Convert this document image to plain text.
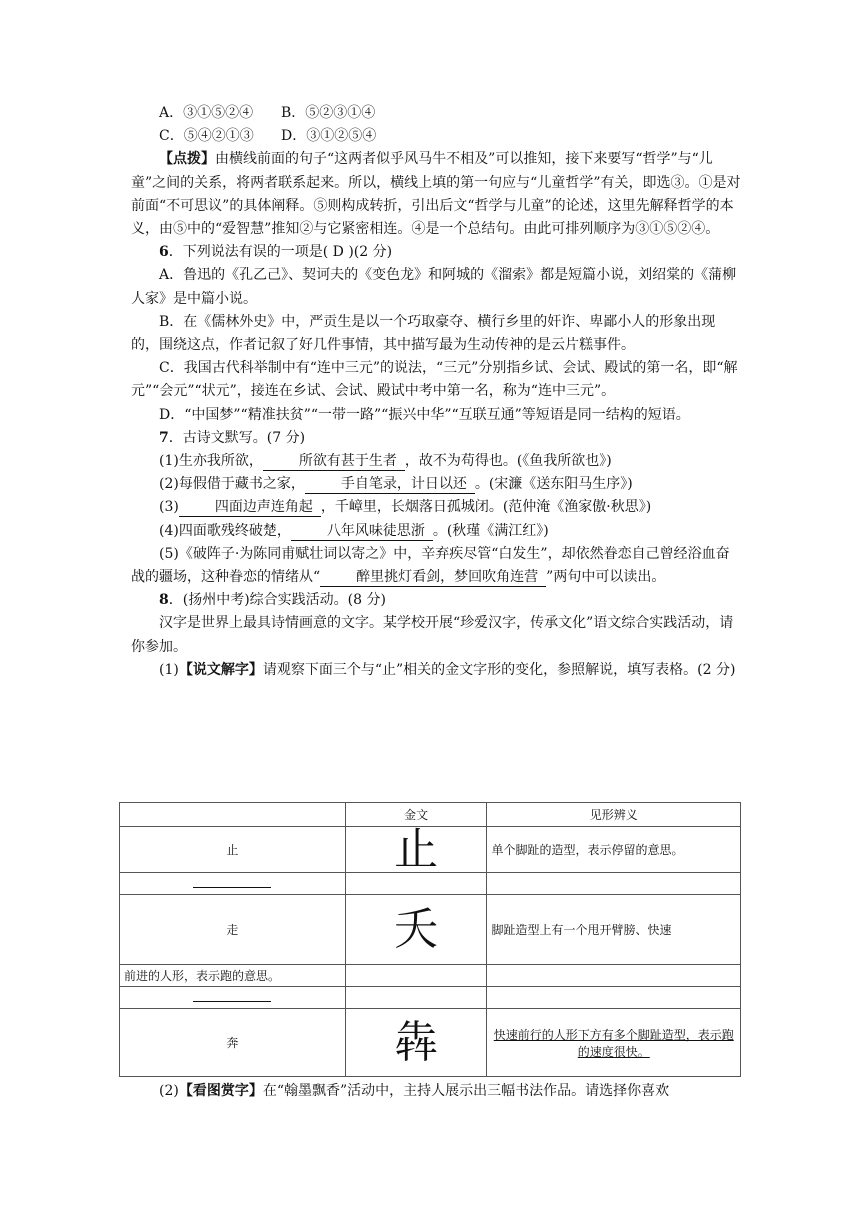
A．③①⑤②④	B．⑤②③①④
C．⑤④②①③	D．③①②⑤④

【点拨】由横线前面的句子“这两者似乎风马牛不相及”可以推知，接下来要写“哲学”与“儿童”之间的关系，将两者联系起来。所以，横线上填的第一句应与“儿童哲学”有关，即选③。①是对前面“不可思议”的具体阐释。⑤则构成转折，引出后文“哲学与儿童”的论述，这里先解释哲学的本义，由⑤中的“爱智慧”推知②与它紧密相连。④是一个总结句。由此可排列顺序为③①⑤②④。

6．下列说法有误的一项是( D )(2 分)

A．鲁迅的《孔乙己》、契诃夫的《变色龙》和阿城的《溜索》都是短篇小说，刘绍棠的《蒲柳人家》是中篇小说。

B．在《儒林外史》中，严贡生是以一个巧取豪夺、横行乡里的奸诈、卑鄙小人的形象出现的，围绕这点，作者记叙了好几件事情，其中描写最为生动传神的是云片糕事件。

C．我国古代科举制中有“连中三元”的说法，“三元”分别指乡试、会试、殿试的第一名，即“解元”“会元”“状元”，接连在乡试、会试、殿试中考中第一名，称为“连中三元”。

D．“中国梦”“精准扶贫”“一带一路”“振兴中华”“互联互通”等短语是同一结构的短语。

7．古诗文默写。(7 分)

(1)生亦我所欲，	所欲有甚于生者 ，故不为苟得也。(《鱼我所欲也》)

(2)每假借于藏书之家，	手自笔录，计日以还 。(宋濂《送东阳马生序》)

(3)	四面边声连角起 ，千嶂里，长烟落日孤城闭。(范仲淹《渔家傲·秋思》)

(4)四面歌残终破楚，	八年风味徒思浙 。(秋瑾《满江红》)

(5)《破阵子·为陈同甫赋壮词以寄之》中，辛弃疾尽管“白发生”，却依然眷恋自己曾经浴血奋战的疆场，这种眷恋的情绪从“	醉里挑灯看剑，梦回吹角连营 ”两句中可以读出。

8．(扬州中考)综合实践活动。(8 分)

汉字是世界上最具诗情画意的文字。某学校开展“珍爱汉字，传承文化”语文综合实践活动，请你参加。

(1)【说文解字】请观察下面三个与“止”相关的金文字形的变化，参照解说，填写表格。(2 分)

	金文	见形辨义
止	止	单个脚趾的造型，表示停留的意思。

走	夭	脚趾造型上有一个甩开臂膀、快速
前进的人形，表示跑的意思。		

奔	犇	快速前行的人形下方有多个脚趾造型，表示跑的速度很快。

(2)【看图赏字】在“翰墨飘香”活动中，主持人展示出三幅书法作品。请选择你喜欢
